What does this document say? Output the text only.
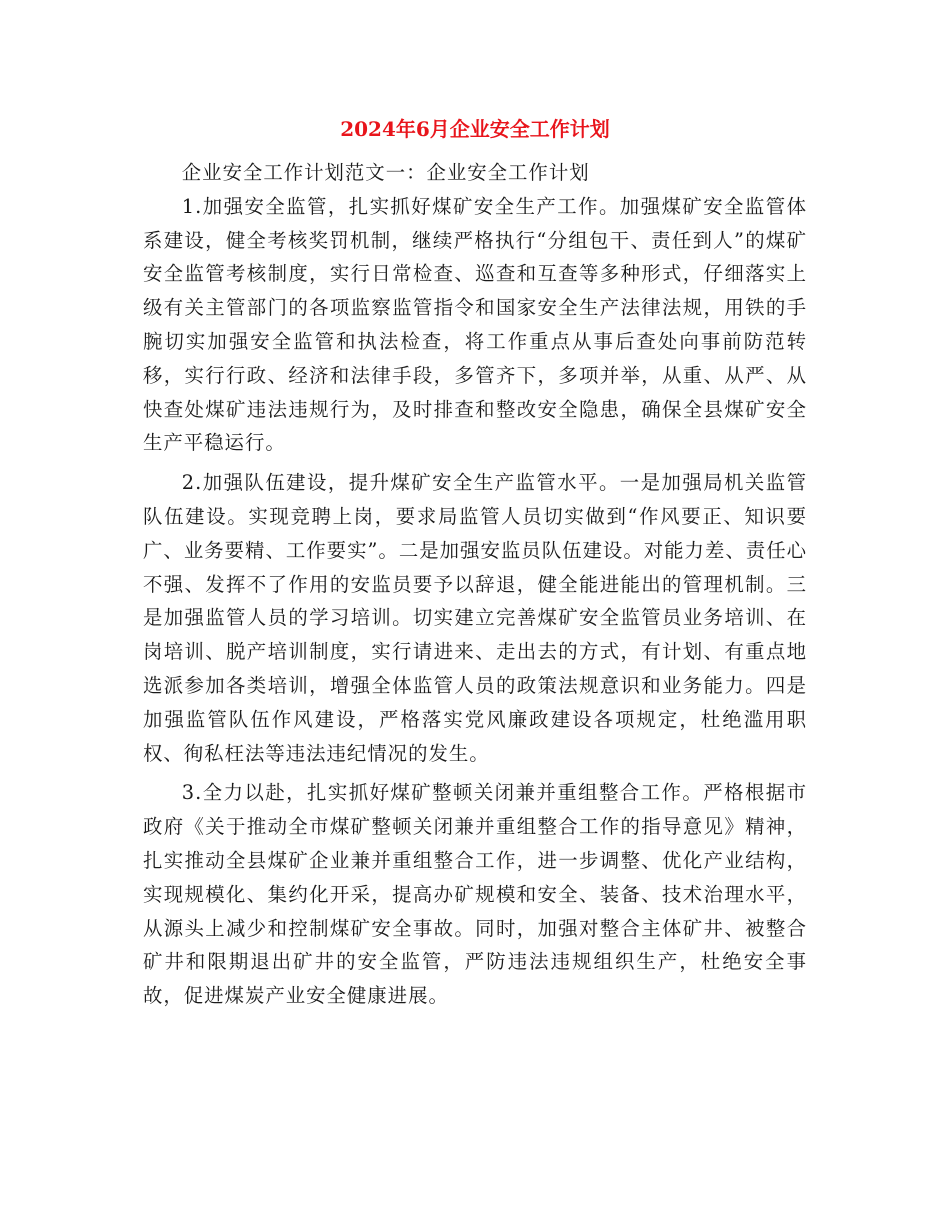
2024年6月企业安全工作计划

企业安全工作计划范文一：企业安全工作计划

1.加强安全监管，扎实抓好煤矿安全生产工作。加强煤矿安全监管体系建设，健全考核奖罚机制，继续严格执行“分组包干、责任到人”的煤矿安全监管考核制度，实行日常检查、巡查和互查等多种形式，仔细落实上级有关主管部门的各项监察监管指令和国家安全生产法律法规，用铁的手腕切实加强安全监管和执法检查，将工作重点从事后查处向事前防范转移，实行行政、经济和法律手段，多管齐下，多项并举，从重、从严、从快查处煤矿违法违规行为，及时排查和整改安全隐患，确保全县煤矿安全生产平稳运行。

2.加强队伍建设，提升煤矿安全生产监管水平。一是加强局机关监管队伍建设。实现竞聘上岗，要求局监管人员切实做到“作风要正、知识要广、业务要精、工作要实”。二是加强安监员队伍建设。对能力差、责任心不强、发挥不了作用的安监员要予以辞退，健全能进能出的管理机制。三是加强监管人员的学习培训。切实建立完善煤矿安全监管员业务培训、在岗培训、脱产培训制度，实行请进来、走出去的方式，有计划、有重点地选派参加各类培训，增强全体监管人员的政策法规意识和业务能力。四是加强监管队伍作风建设，严格落实党风廉政建设各项规定，杜绝滥用职权、徇私枉法等违法违纪情况的发生。

3.全力以赴，扎实抓好煤矿整顿关闭兼并重组整合工作。严格根据市政府《关于推动全市煤矿整顿关闭兼并重组整合工作的指导意见》精神，扎实推动全县煤矿企业兼并重组整合工作，进一步调整、优化产业结构，实现规模化、集约化开采，提高办矿规模和安全、装备、技术治理水平，从源头上减少和控制煤矿安全事故。同时，加强对整合主体矿井、被整合矿井和限期退出矿井的安全监管，严防违法违规组织生产，杜绝安全事故，促进煤炭产业安全健康进展。
